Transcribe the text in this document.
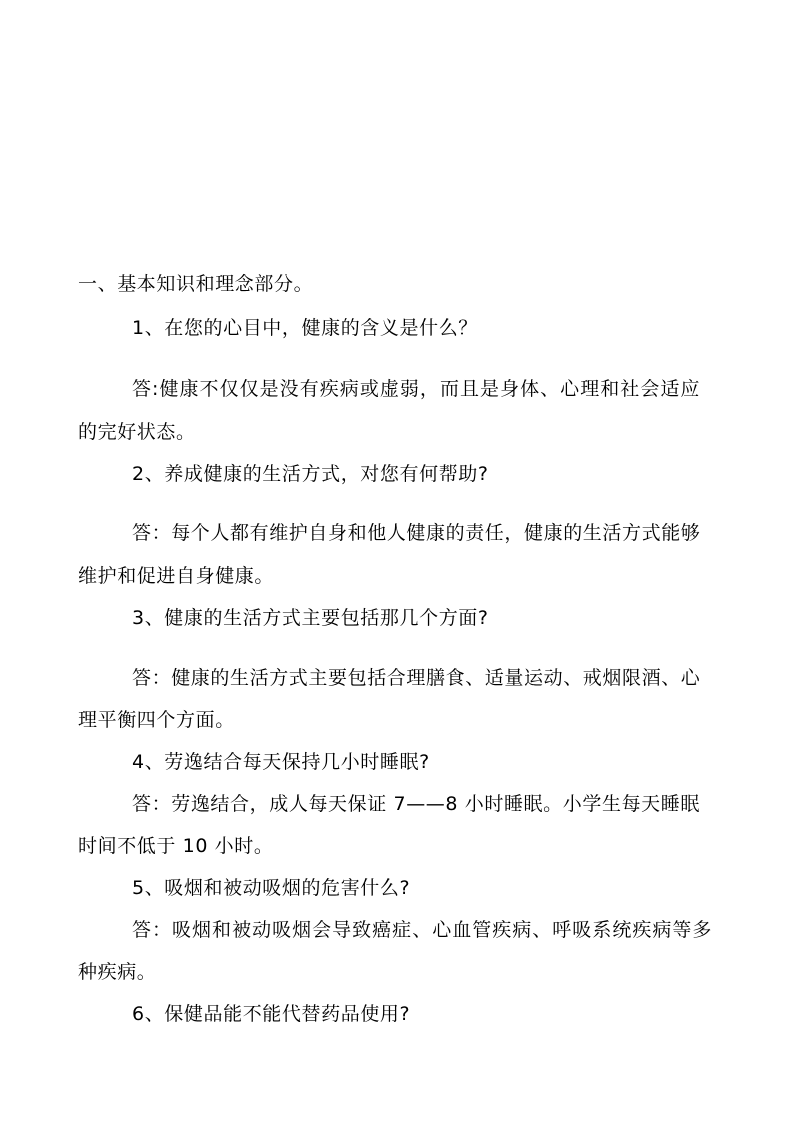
一、基本知识和理念部分。
1、在您的心目中，健康的含义是什么？
答:健康不仅仅是没有疾病或虚弱，而且是身体、心理和社会适应
的完好状态。
2、养成健康的生活方式，对您有何帮助?
答：每个人都有维护自身和他人健康的责任，健康的生活方式能够
维护和促进自身健康。
3、健康的生活方式主要包括那几个方面?
答：健康的生活方式主要包括合理膳食、适量运动、戒烟限酒、心
理平衡四个方面。
4、劳逸结合每天保持几小时睡眠?
答：劳逸结合，成人每天保证 7——8 小时睡眠。小学生每天睡眠
时间不低于 10 小时。
5、吸烟和被动吸烟的危害什么?
答：吸烟和被动吸烟会导致癌症、心血管疾病、呼吸系统疾病等多
种疾病。
6、保健品能不能代替药品使用?
